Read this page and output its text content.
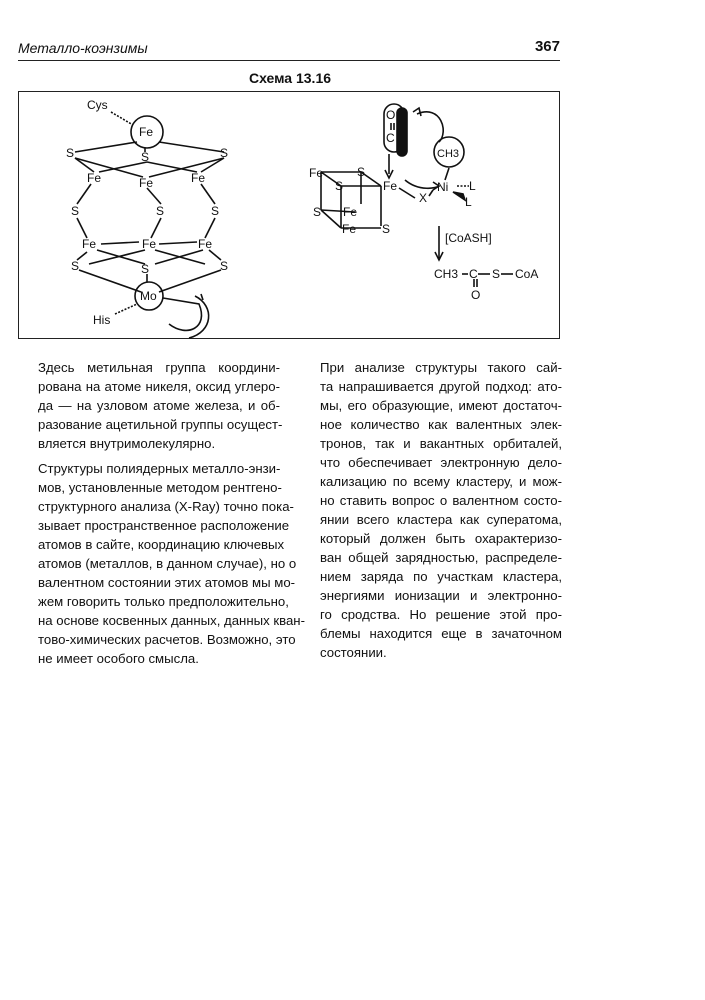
Металло-коэнзимы	367
Схема 13.16
Cys
Fe
S	S	S
Fe	Fe	Fe
S	S	S
Fe	Fe	Fe
S	S	S
Mo
His
O
C
CH3
Fe	S
S	Fe	Ni L
L
X
S Fe
Fe S
[CoASH]
CH3 C S CoA
O

Здесь метильная группа координи-
рована на атоме никеля, оксид углеро-
да — на узловом атоме железа, и об-
разование ацетильной группы осущест-
вляется внутримолекулярно.

Структуры полиядерных металло-энзи-
мов, установленные методом рентгено-
структурного анализа (X-Ray) точно пока-
зывает пространственное расположение
атомов в сайте, координацию ключевых
атомов (металлов, в данном случае), но о
валентном состоянии этих атомов мы мо-
жем говорить только предположительно,
на основе косвенных данных, данных кван-
тово-химических расчетов. Возможно, это
не имеет особого смысла.

При анализе структуры такого сай-
та напрашивается другой подход: ато-
мы, его образующие, имеют достаточ-
ное количество как валентных элек-
тронов, так и вакантных орбиталей,
что обеспечивает электронную дело-
кализацию по всему кластеру, и мож-
но ставить вопрос о валентном состо-
янии всего кластера как суператома,
который должен быть охарактеризо-
ван общей зарядностью, распределе-
нием заряда по участкам кластера,
энергиями ионизации и электронно-
го сродства. Но решение этой про-
блемы находится еще в зачаточном
состоянии.
